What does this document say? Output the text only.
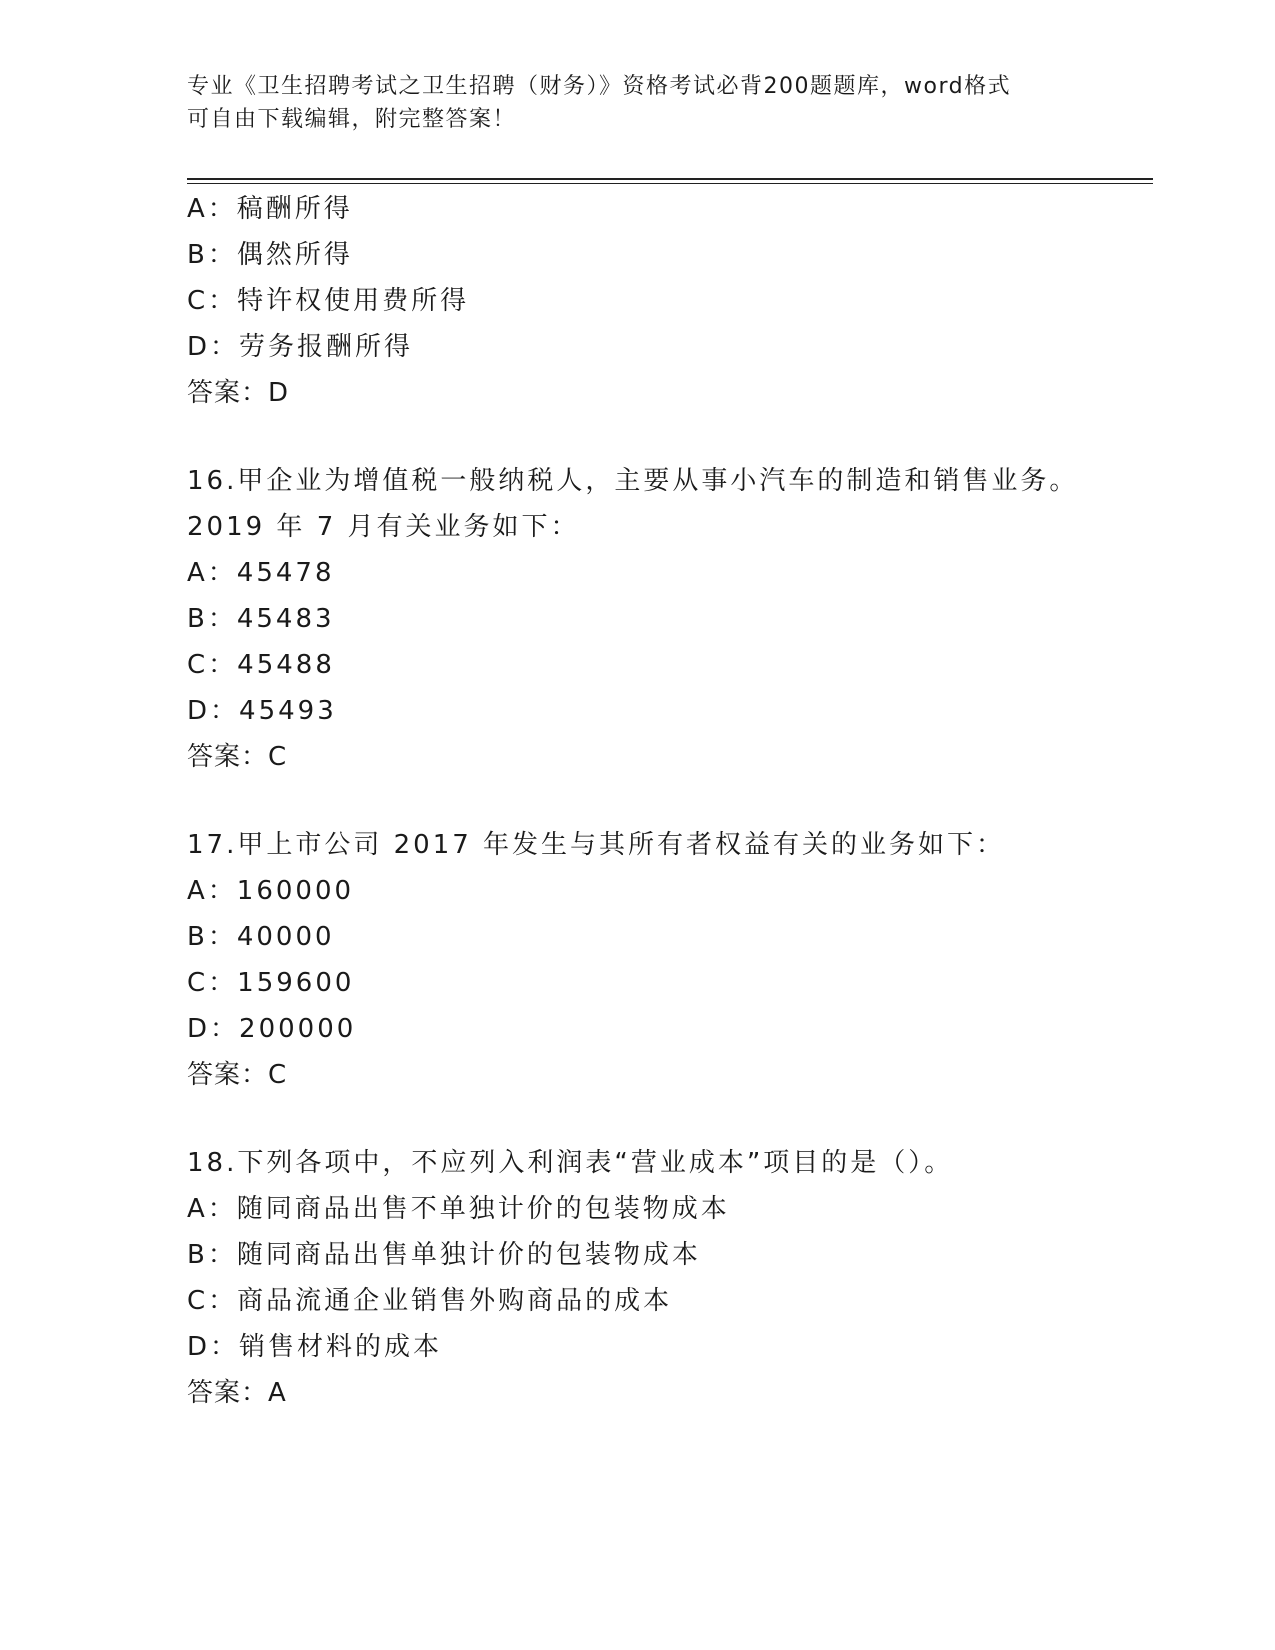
专业《卫生招聘考试之卫生招聘（财务）》资格考试必背200题题库，word格式
可自由下载编辑，附完整答案！
A：稿酬所得
B：偶然所得
C：特许权使用费所得
D：劳务报酬所得
答案：D
16.甲企业为增值税一般纳税人，主要从事小汽车的制造和销售业务。
2019 年 7 月有关业务如下：
A：45478
B：45483
C：45488
D：45493
答案：C
17.甲上市公司 2017 年发生与其所有者权益有关的业务如下：
A：160000
B：40000
C：159600
D：200000
答案：C
18.下列各项中，不应列入利润表“营业成本”项目的是（）。
A：随同商品出售不单独计价的包装物成本
B：随同商品出售单独计价的包装物成本
C：商品流通企业销售外购商品的成本
D：销售材料的成本
答案：A
